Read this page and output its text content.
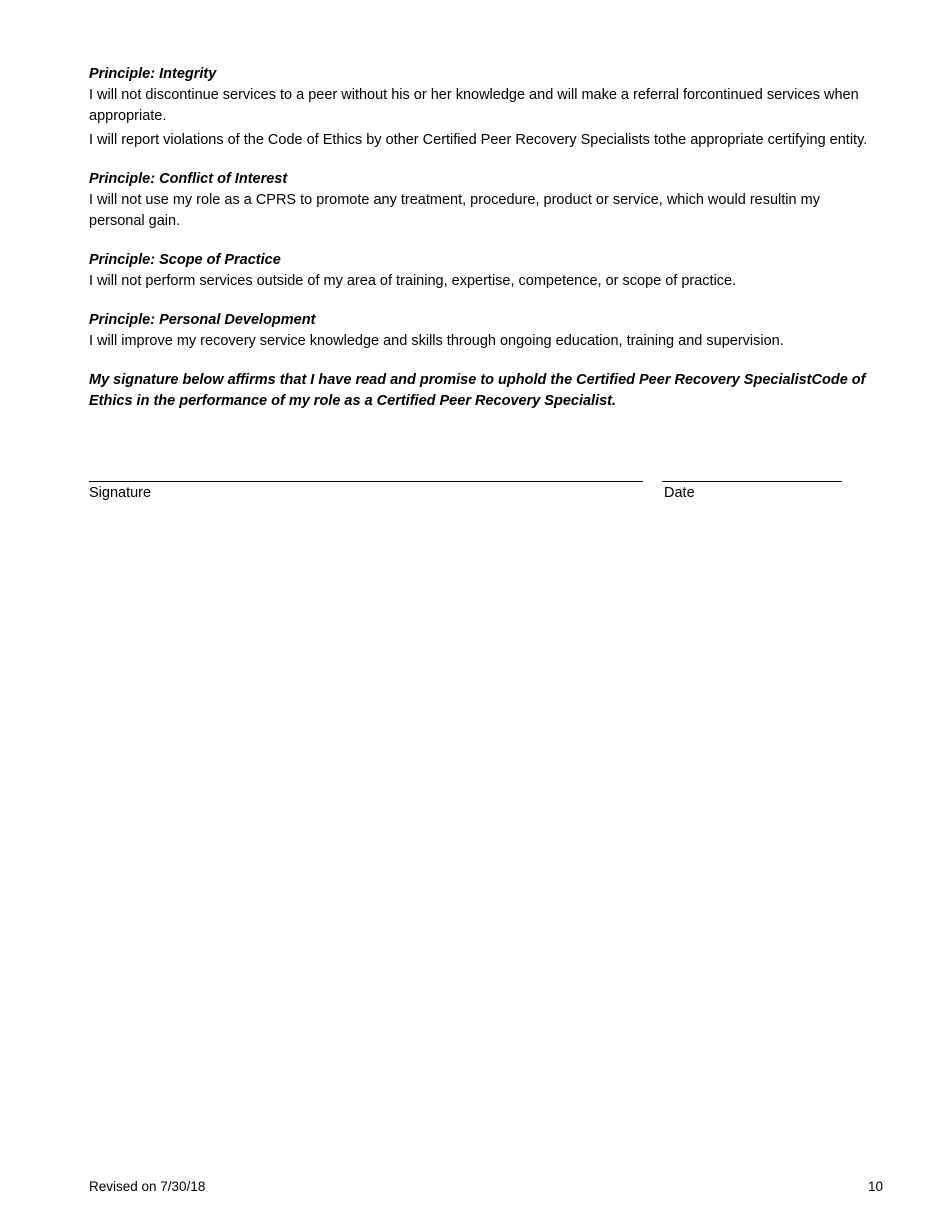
Principle: Integrity

I will not discontinue services to a peer without his or her knowledge and will make a referral forcontinued services when appropriate.

I will report violations of the Code of Ethics by other Certified Peer Recovery Specialists tothe appropriate certifying entity.

Principle: Conflict of Interest

I will not use my role as a CPRS to promote any treatment, procedure, product or service, which would resultin my personal gain.

Principle: Scope of Practice

I will not perform services outside of my area of training, expertise, competence, or scope of practice.

Principle: Personal Development

I will improve my recovery service knowledge and skills through ongoing education, training and supervision.

My signature below affirms that I have read and promise to uphold the Certified Peer Recovery SpecialistCode of Ethics in the performance of my role as a Certified Peer Recovery Specialist.

Signature	Date
Revised on 7/30/18	10
